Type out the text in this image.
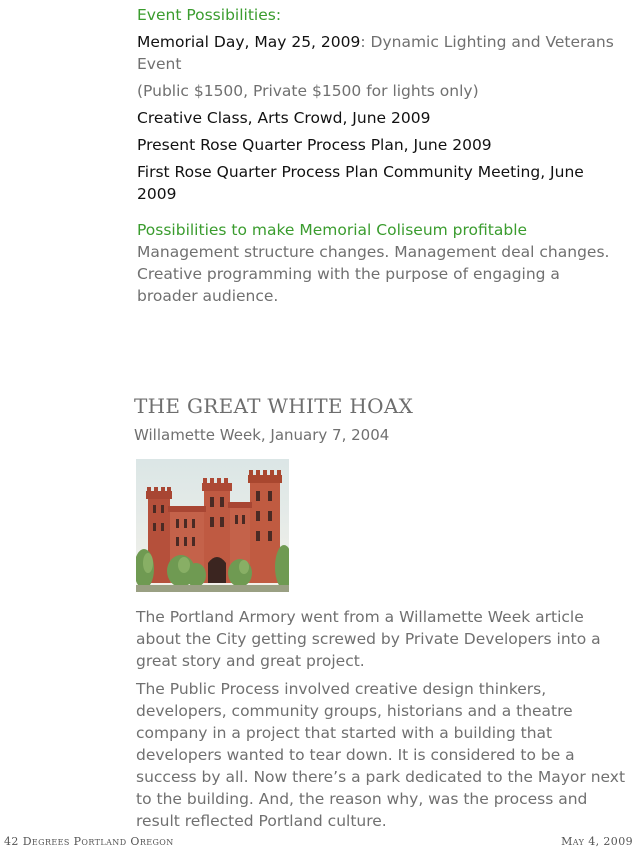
Event Possibilities:

Memorial Day, May 25, 2009: Dynamic Lighting and Veterans Event

(Public $1500, Private $1500 for lights only)

Creative Class, Arts Crowd, June 2009

Present Rose Quarter Process Plan, June 2009

First Rose Quarter Process Plan Community Meeting, June 2009

Possibilities to make Memorial Coliseum profitable

Management structure changes. Management deal changes. Creative programming with the purpose of engaging a broader audience.

THE GREAT WHITE HOAX

Willamette Week, January 7, 2004

The Portland Armory went from a Willamette Week article about the City getting screwed by Private Developers into a great story and great project.

The Public Process involved creative design thinkers, developers, community groups, historians and a theatre company in a project that started with a building that developers wanted to tear down. It is considered to be a success by all. Now there’s a park dedicated to the Mayor next to the building. And, the reason why, was the process and result reflected Portland culture.

42 Degrees Portland Oregon	May 4, 2009
